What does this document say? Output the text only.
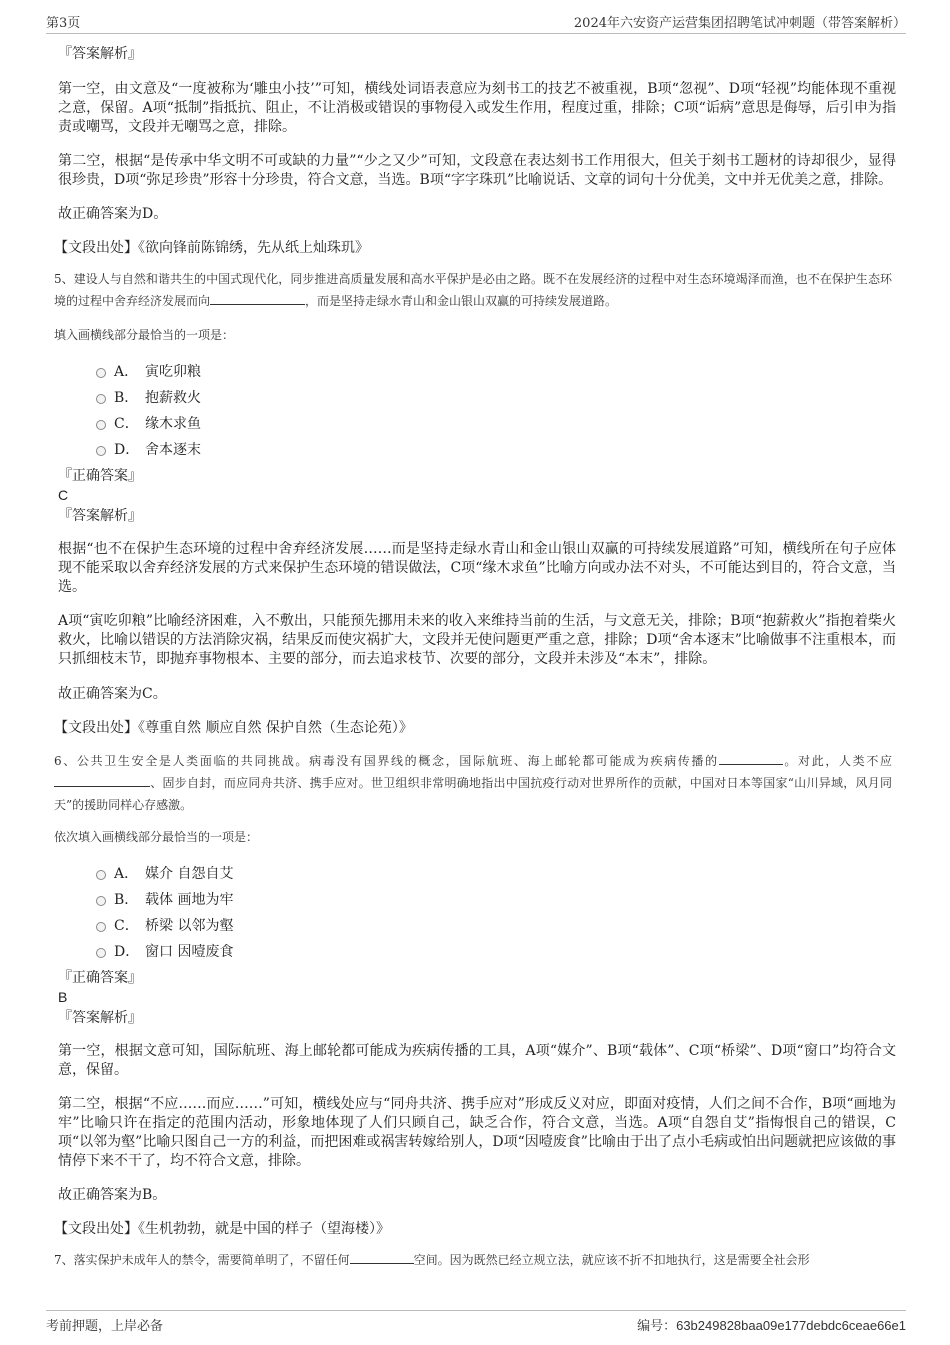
第3页	2024年六安资产运营集团招聘笔试冲刺题（带答案解析）
『答案解析』
第一空，由文意及“一度被称为‘雕虫小技’”可知，横线处词语表意应为刻书工的技艺不被重视，B项“忽视”、D项“轻视”均能体现不重视之意，保留。A项“抵制”指抵抗、阻止，不让消极或错误的事物侵入或发生作用，程度过重，排除；C项“诟病”意思是侮辱，后引申为指责或嘲骂，文段并无嘲骂之意，排除。
第二空，根据“是传承中华文明不可或缺的力量”“少之又少”可知，文段意在表达刻书工作用很大，但关于刻书工题材的诗却很少，显得很珍贵，D项“弥足珍贵”形容十分珍贵，符合文意，当选。B项“字字珠玑”比喻说话、文章的词句十分优美，文中并无优美之意，排除。
故正确答案为D。
【文段出处】《欲向锋前陈锦绣，先从纸上灿珠玑》
5、建设人与自然和谐共生的中国式现代化，同步推进高质量发展和高水平保护是必由之路。既不在发展经济的过程中对生态环境竭泽而渔，也不在保护生态环境的过程中舍弃经济发展而向	，而是坚持走绿水青山和金山银山双赢的可持续发展道路。
填入画横线部分最恰当的一项是：
A． 寅吃卯粮
B． 抱薪救火
C． 缘木求鱼
D． 舍本逐末
『正确答案』
C
『答案解析』
根据“也不在保护生态环境的过程中舍弃经济发展……而是坚持走绿水青山和金山银山双赢的可持续发展道路”可知，横线所在句子应体现不能采取以舍弃经济发展的方式来保护生态环境的错误做法，C项“缘木求鱼”比喻方向或办法不对头，不可能达到目的，符合文意，当选。
A项“寅吃卯粮”比喻经济困难，入不敷出，只能预先挪用未来的收入来维持当前的生活，与文意无关，排除；B项“抱薪救火”指抱着柴火救火，比喻以错误的方法消除灾祸，结果反而使灾祸扩大，文段并无使问题更严重之意，排除；D项“舍本逐末”比喻做事不注重根本，而只抓细枝末节，即抛弃事物根本、主要的部分，而去追求枝节、次要的部分，文段并未涉及“本末”，排除。
故正确答案为C。
【文段出处】《尊重自然 顺应自然 保护自然（生态论苑）》
6、公共卫生安全是人类面临的共同挑战。病毒没有国界线的概念，国际航班、海上邮轮都可能成为疾病传播的	。对此，人类不应、固步自封，而应同舟共济、携手应对。世卫组织非常明确地指出中国抗疫行动对世界所作的贡献，中国对日本等国家“山川异域，风月同天”的援助同样心存感激。
依次填入画横线部分最恰当的一项是：
A． 媒介 自怨自艾
B． 载体 画地为牢
C． 桥梁 以邻为壑
D． 窗口 因噎废食
『正确答案』
B
『答案解析』
第一空，根据文意可知，国际航班、海上邮轮都可能成为疾病传播的工具，A项“媒介”、B项“载体”、C项“桥梁”、D项“窗口”均符合文意，保留。
第二空，根据“不应……而应……”可知，横线处应与“同舟共济、携手应对”形成反义对应，即面对疫情，人们之间不合作，B项“画地为牢”比喻只许在指定的范围内活动，形象地体现了人们只顾自己，缺乏合作，符合文意，当选。A项“自怨自艾”指悔恨自己的错误，C项“以邻为壑”比喻只图自己一方的利益，而把困难或祸害转嫁给别人，D项“因噎废食”比喻由于出了点小毛病或怕出问题就把应该做的事情停下来不干了，均不符合文意，排除。
故正确答案为B。
【文段出处】《生机勃勃，就是中国的样子（望海楼）》
7、落实保护未成年人的禁令，需要简单明了，不留任何	空间。因为既然已经立规立法，就应该不折不扣地执行，这是需要全社会形
考前押题，上岸必备	编号：63b249828baa09e177debdc6ceae66e1
